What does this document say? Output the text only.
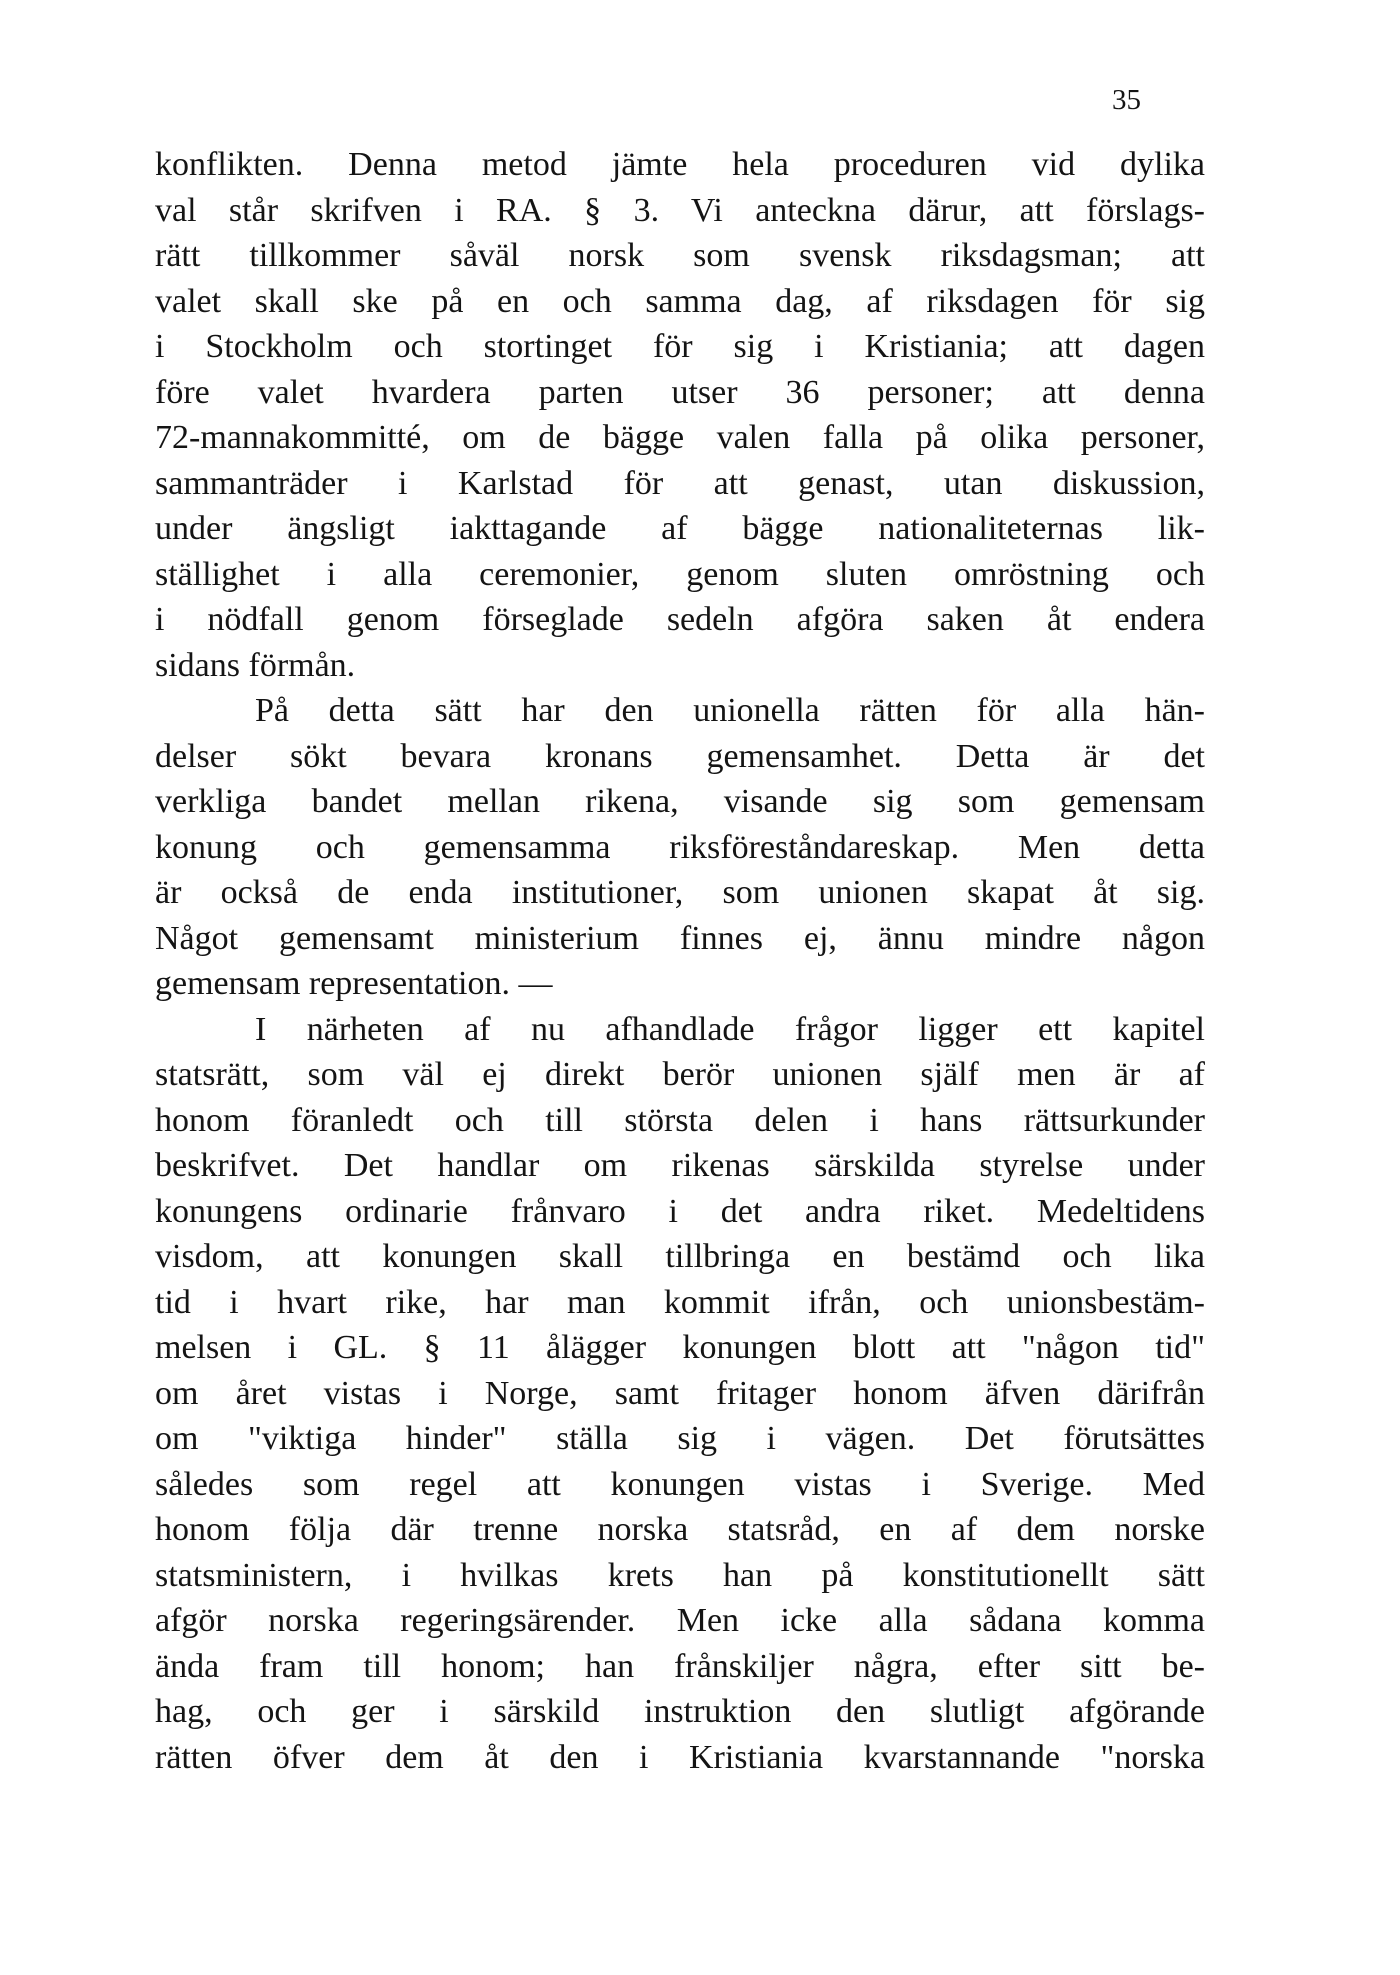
35
konflikten. Denna metod jämte hela proceduren vid dylika
val står skrifven i RA. § 3. Vi anteckna därur, att förslags-
rätt tillkommer såväl norsk som svensk riksdagsman; att
valet skall ske på en och samma dag, af riksdagen för sig
i Stockholm och stortinget för sig i Kristiania; att dagen
före valet hvardera parten utser 36 personer; att denna
72-mannakommitté, om de bägge valen falla på olika personer,
sammanträder i Karlstad för att genast, utan diskussion,
under ängsligt iakttagande af bägge nationaliteternas lik-
ställighet i alla ceremonier, genom sluten omröstning och
i nödfall genom förseglade sedeln afgöra saken åt endera
sidans förmån.
På detta sätt har den unionella rätten för alla hän-
delser sökt bevara kronans gemensamhet. Detta är det
verkliga bandet mellan rikena, visande sig som gemensam
konung och gemensamma riksföreståndareskap. Men detta
är också de enda institutioner, som unionen skapat åt sig.
Något gemensamt ministerium finnes ej, ännu mindre någon
gemensam representation. —
I närheten af nu afhandlade frågor ligger ett kapitel
statsrätt, som väl ej direkt berör unionen själf men är af
honom föranledt och till största delen i hans rättsurkunder
beskrifvet. Det handlar om rikenas särskilda styrelse under
konungens ordinarie frånvaro i det andra riket. Medeltidens
visdom, att konungen skall tillbringa en bestämd och lika
tid i hvart rike, har man kommit ifrån, och unionsbestäm-
melsen i GL. § 11 ålägger konungen blott att "någon tid"
om året vistas i Norge, samt fritager honom äfven därifrån
om "viktiga hinder" ställa sig i vägen. Det förutsättes
således som regel att konungen vistas i Sverige. Med
honom följa där trenne norska statsråd, en af dem norske
statsministern, i hvilkas krets han på konstitutionellt sätt
afgör norska regeringsärender. Men icke alla sådana komma
ända fram till honom; han frånskiljer några, efter sitt be-
hag, och ger i särskild instruktion den slutligt afgörande
rätten öfver dem åt den i Kristiania kvarstannande "norska
